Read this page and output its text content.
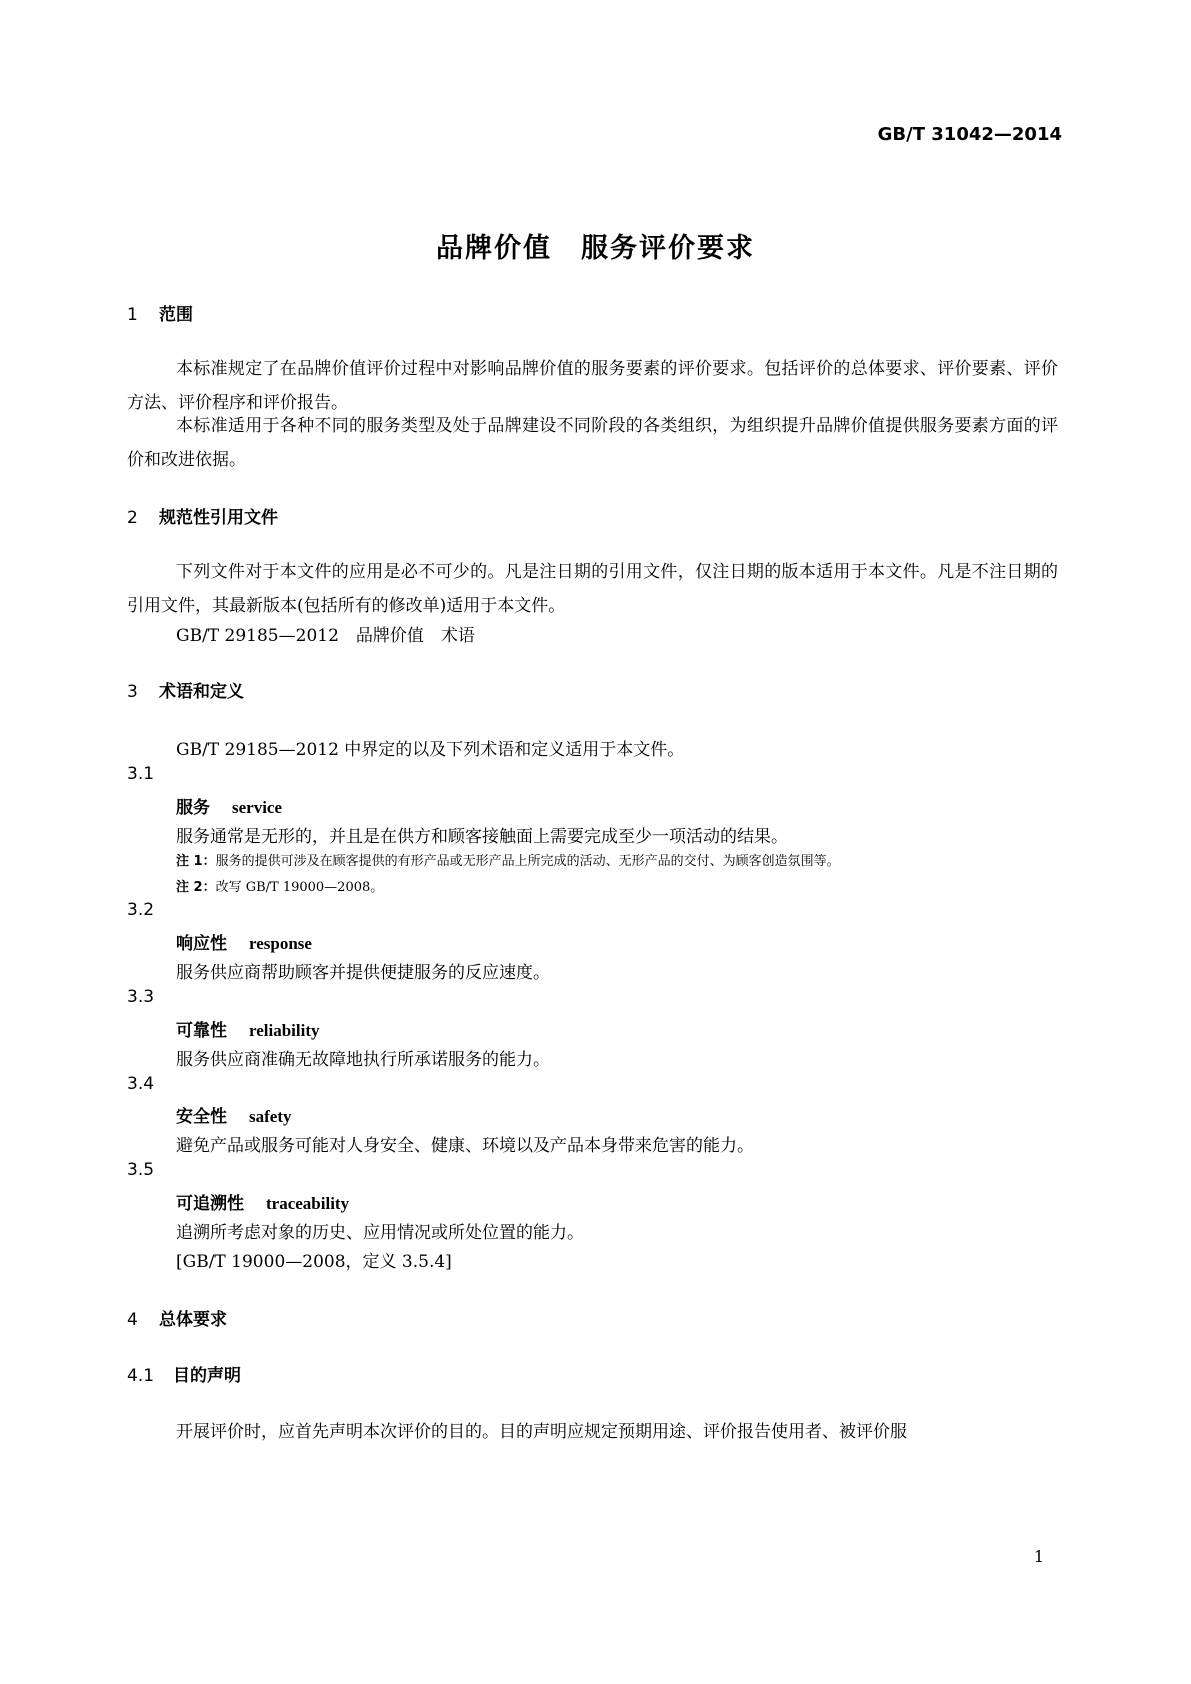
GB/T 31042—2014
品牌价值　服务评价要求
1 范围
本标准规定了在品牌价值评价过程中对影响品牌价值的服务要素的评价要求。包括评价的总体要求、评价要素、评价方法、评价程序和评价报告。
本标准适用于各种不同的服务类型及处于品牌建设不同阶段的各类组织，为组织提升品牌价值提供服务要素方面的评价和改进依据。
2 规范性引用文件
下列文件对于本文件的应用是必不可少的。凡是注日期的引用文件，仅注日期的版本适用于本文件。凡是不注日期的引用文件，其最新版本(包括所有的修改单)适用于本文件。
GB/T 29185—2012　品牌价值　术语
3 术语和定义
GB/T 29185—2012 中界定的以及下列术语和定义适用于本文件。
3.1
服务 service
服务通常是无形的，并且是在供方和顾客接触面上需要完成至少一项活动的结果。
注 1：服务的提供可涉及在顾客提供的有形产品或无形产品上所完成的活动、无形产品的交付、为顾客创造氛围等。
注 2：改写 GB/T 19000—2008。
3.2
响应性 response
服务供应商帮助顾客并提供便捷服务的反应速度。
3.3
可靠性 reliability
服务供应商准确无故障地执行所承诺服务的能力。
3.4
安全性 safety
避免产品或服务可能对人身安全、健康、环境以及产品本身带来危害的能力。
3.5
可追溯性 traceability
追溯所考虑对象的历史、应用情况或所处位置的能力。
[GB/T 19000—2008，定义 3.5.4]
4 总体要求
4.1 目的声明
开展评价时，应首先声明本次评价的目的。目的声明应规定预期用途、评价报告使用者、被评价服
1
